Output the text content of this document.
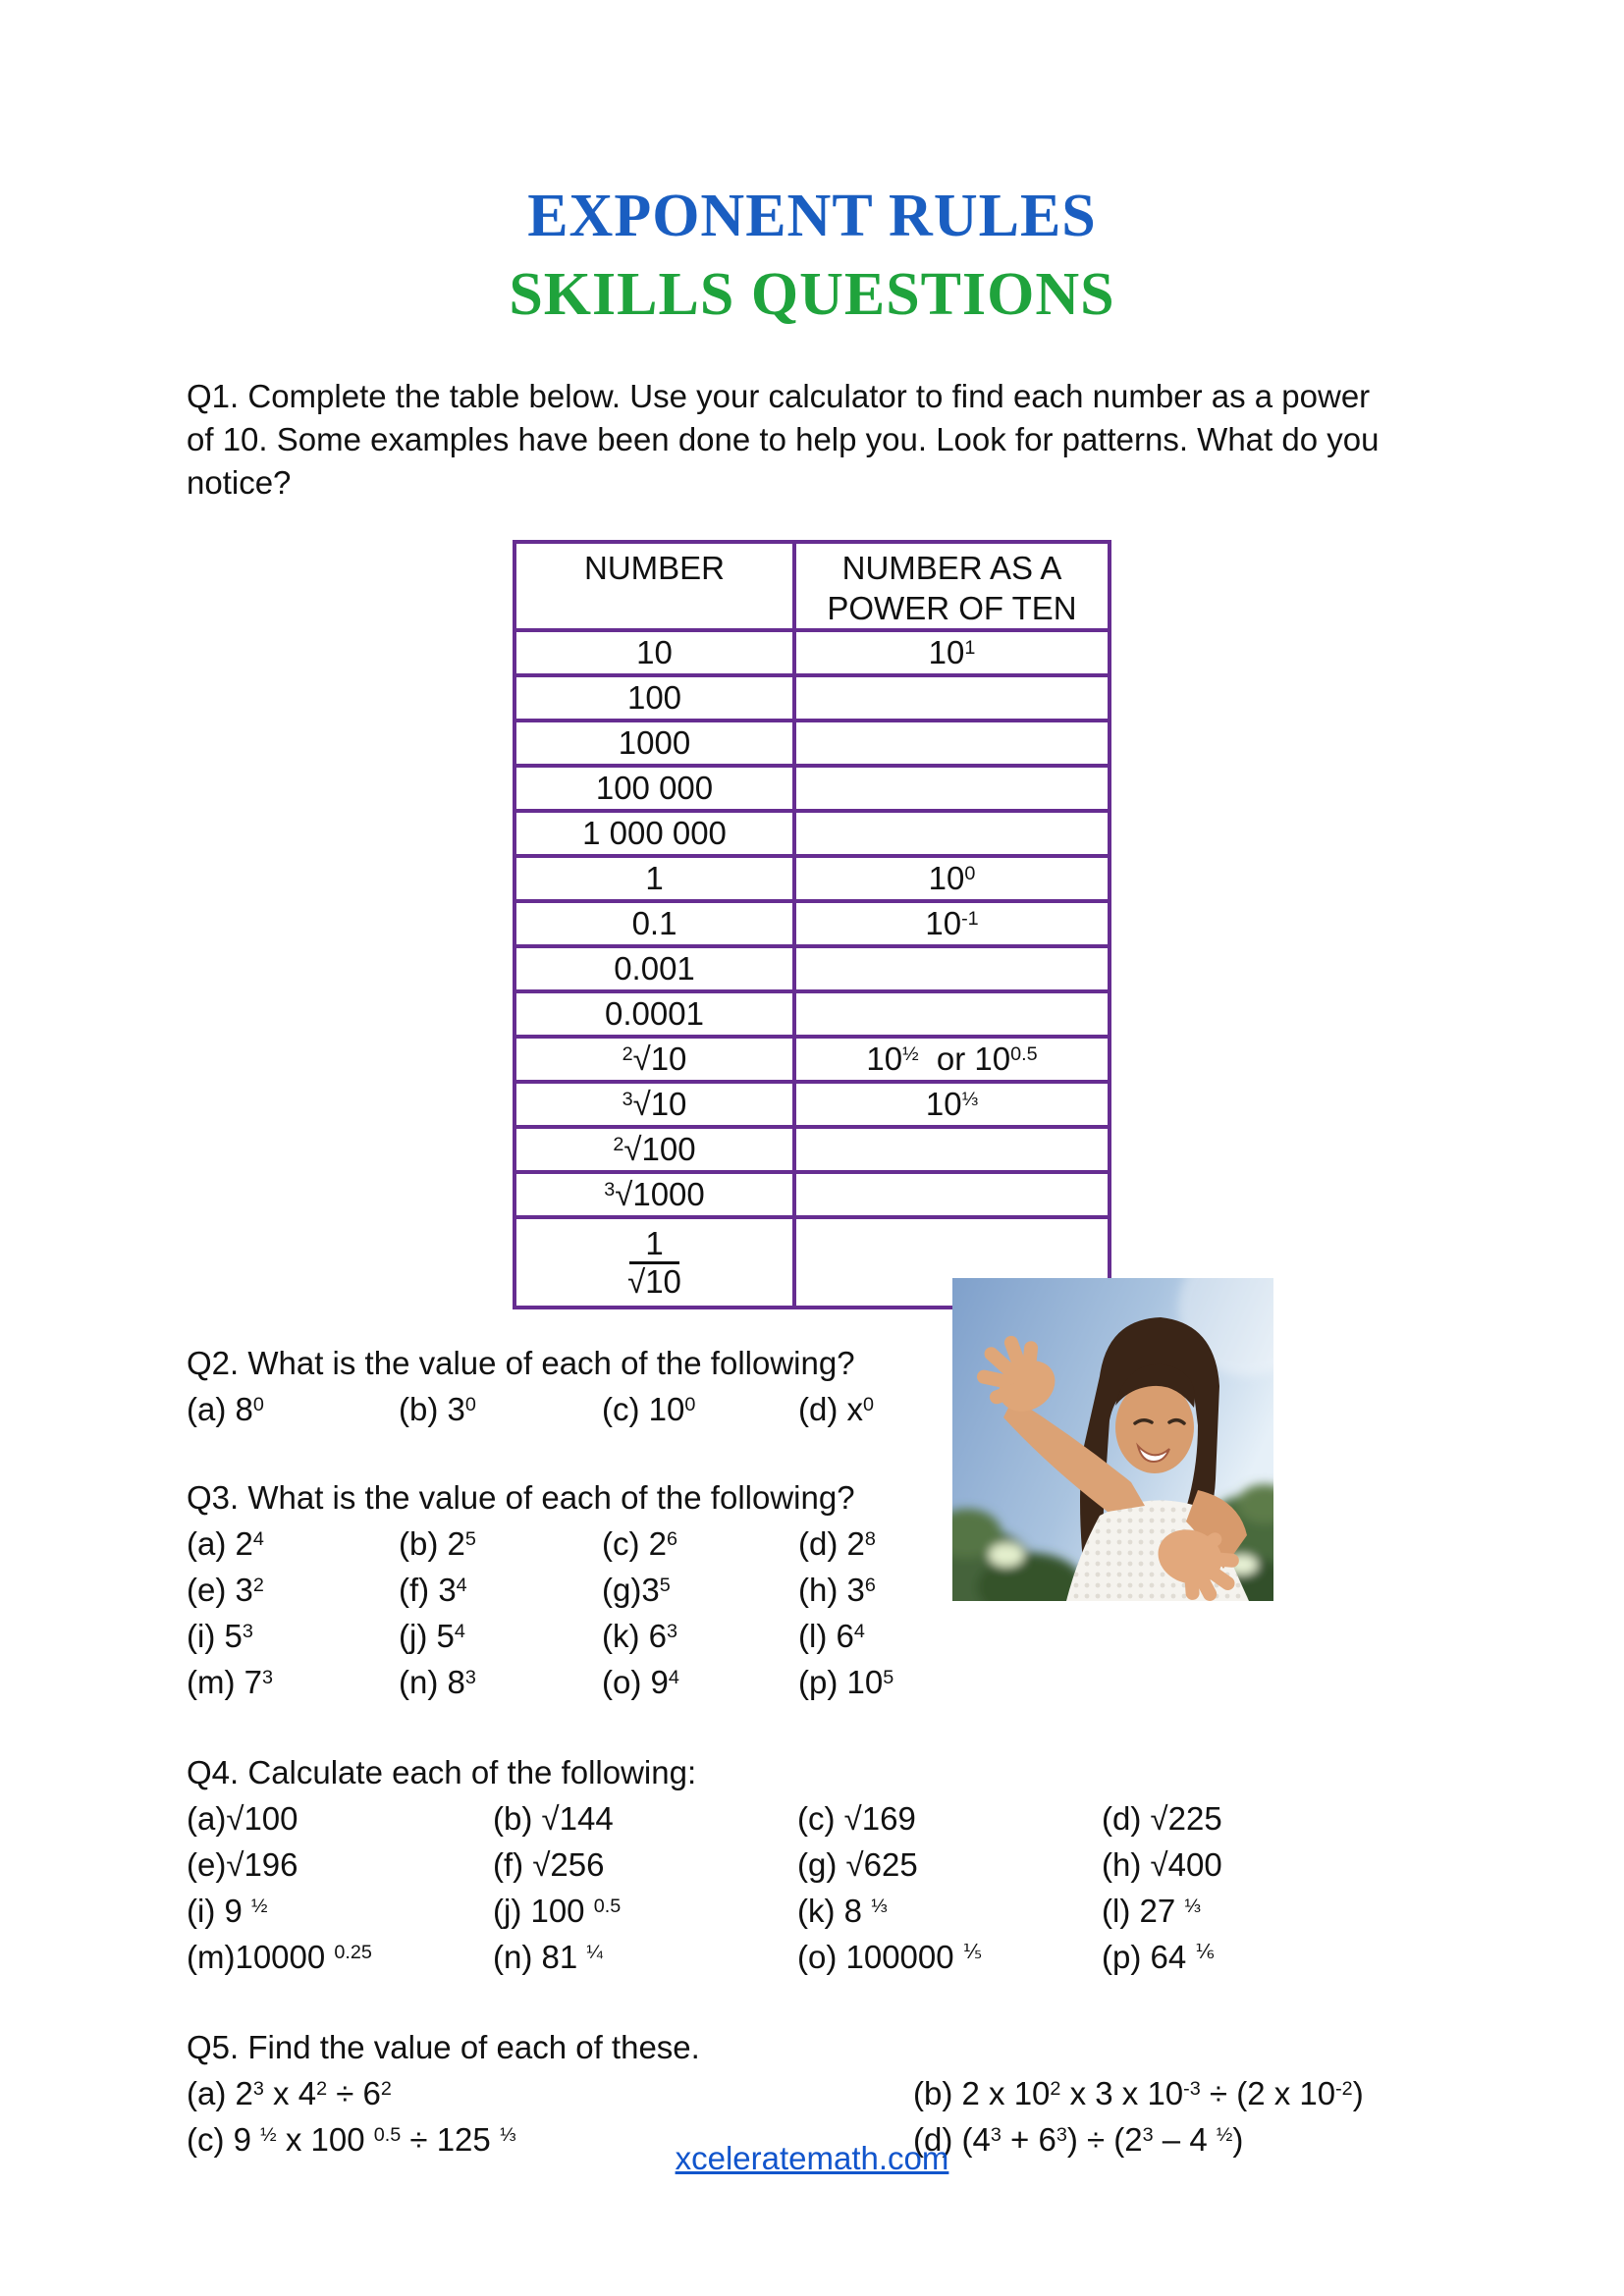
EXPONENT RULES
SKILLS QUESTIONS
Q1. Complete the table below. Use your calculator to find each number as a power
of 10. Some examples have been done to help you. Look for patterns. What do you
notice?
NUMBER	NUMBER AS A POWER OF TEN
10	$10^1$
100	
1000	
100 000	
1 000 000	
1	$10^0$
0.1	$10^{-1}$
0.001	
0.0001	
$^2$√10	$10^{\frac{1}{2}}$  or $10^{0.5}$
$^3$√10	$10^{\frac{1}{3}}$
$^2$√100	
$^3$√1000	

$\frac{1}{√10}$

Q2. What is the value of each of the following?
(a) $8^0$	(b) $3^0$	(c) $10^0$	(d) $x^0$
Q3. What is the value of each of the following?
(a) $2^4$	(b) $2^5$	(c) $2^6$	(d) $2^8$
(e) $3^2$	(f) $3^4$	$(g)3^5$	(h) $3^6$
(i) $5^3$	(j) $5^4$	(k) $6^3$	(l) $6^4$
(m) $7^3$	(n) $8^3$	(o) $9^4$	(p) $10^5$
Q4. Calculate each of the following:
(a)√100	(b) √144	(c) √169	(d) √225
(e)√196	(f) √256	(g) √625	(h) √400
(i) 9 $^{\frac{1}{2}}$	(j) 100 $^{0.5}$	(k) 8 $^{\frac{1}{3}}$	(l) 27 $^{\frac{1}{3}}$
(m)10000 $^{0.25}$	(n) 81 $^{\frac{1}{4}}$	(o) 100000 $^{\frac{1}{5}}$	(p) 64 $^{\frac{1}{6}}$
Q5. Find the value of each of these.
(a) $2^3$ x $4^2 \div 6^2$	(b) 2 x $10^2$ x 3 x $10^{-3} \div (2$ x $10^{-2}$)
(c) 9 $^{\frac{1}{2}}$ x 100 $^{0.5}$ ÷ 125 $^{\frac{1}{3}}$	(d) $(4^3 + 6^3) \div (2^3 - 4$ $^{\frac{1}{2}}$)
xceleratemath.com
